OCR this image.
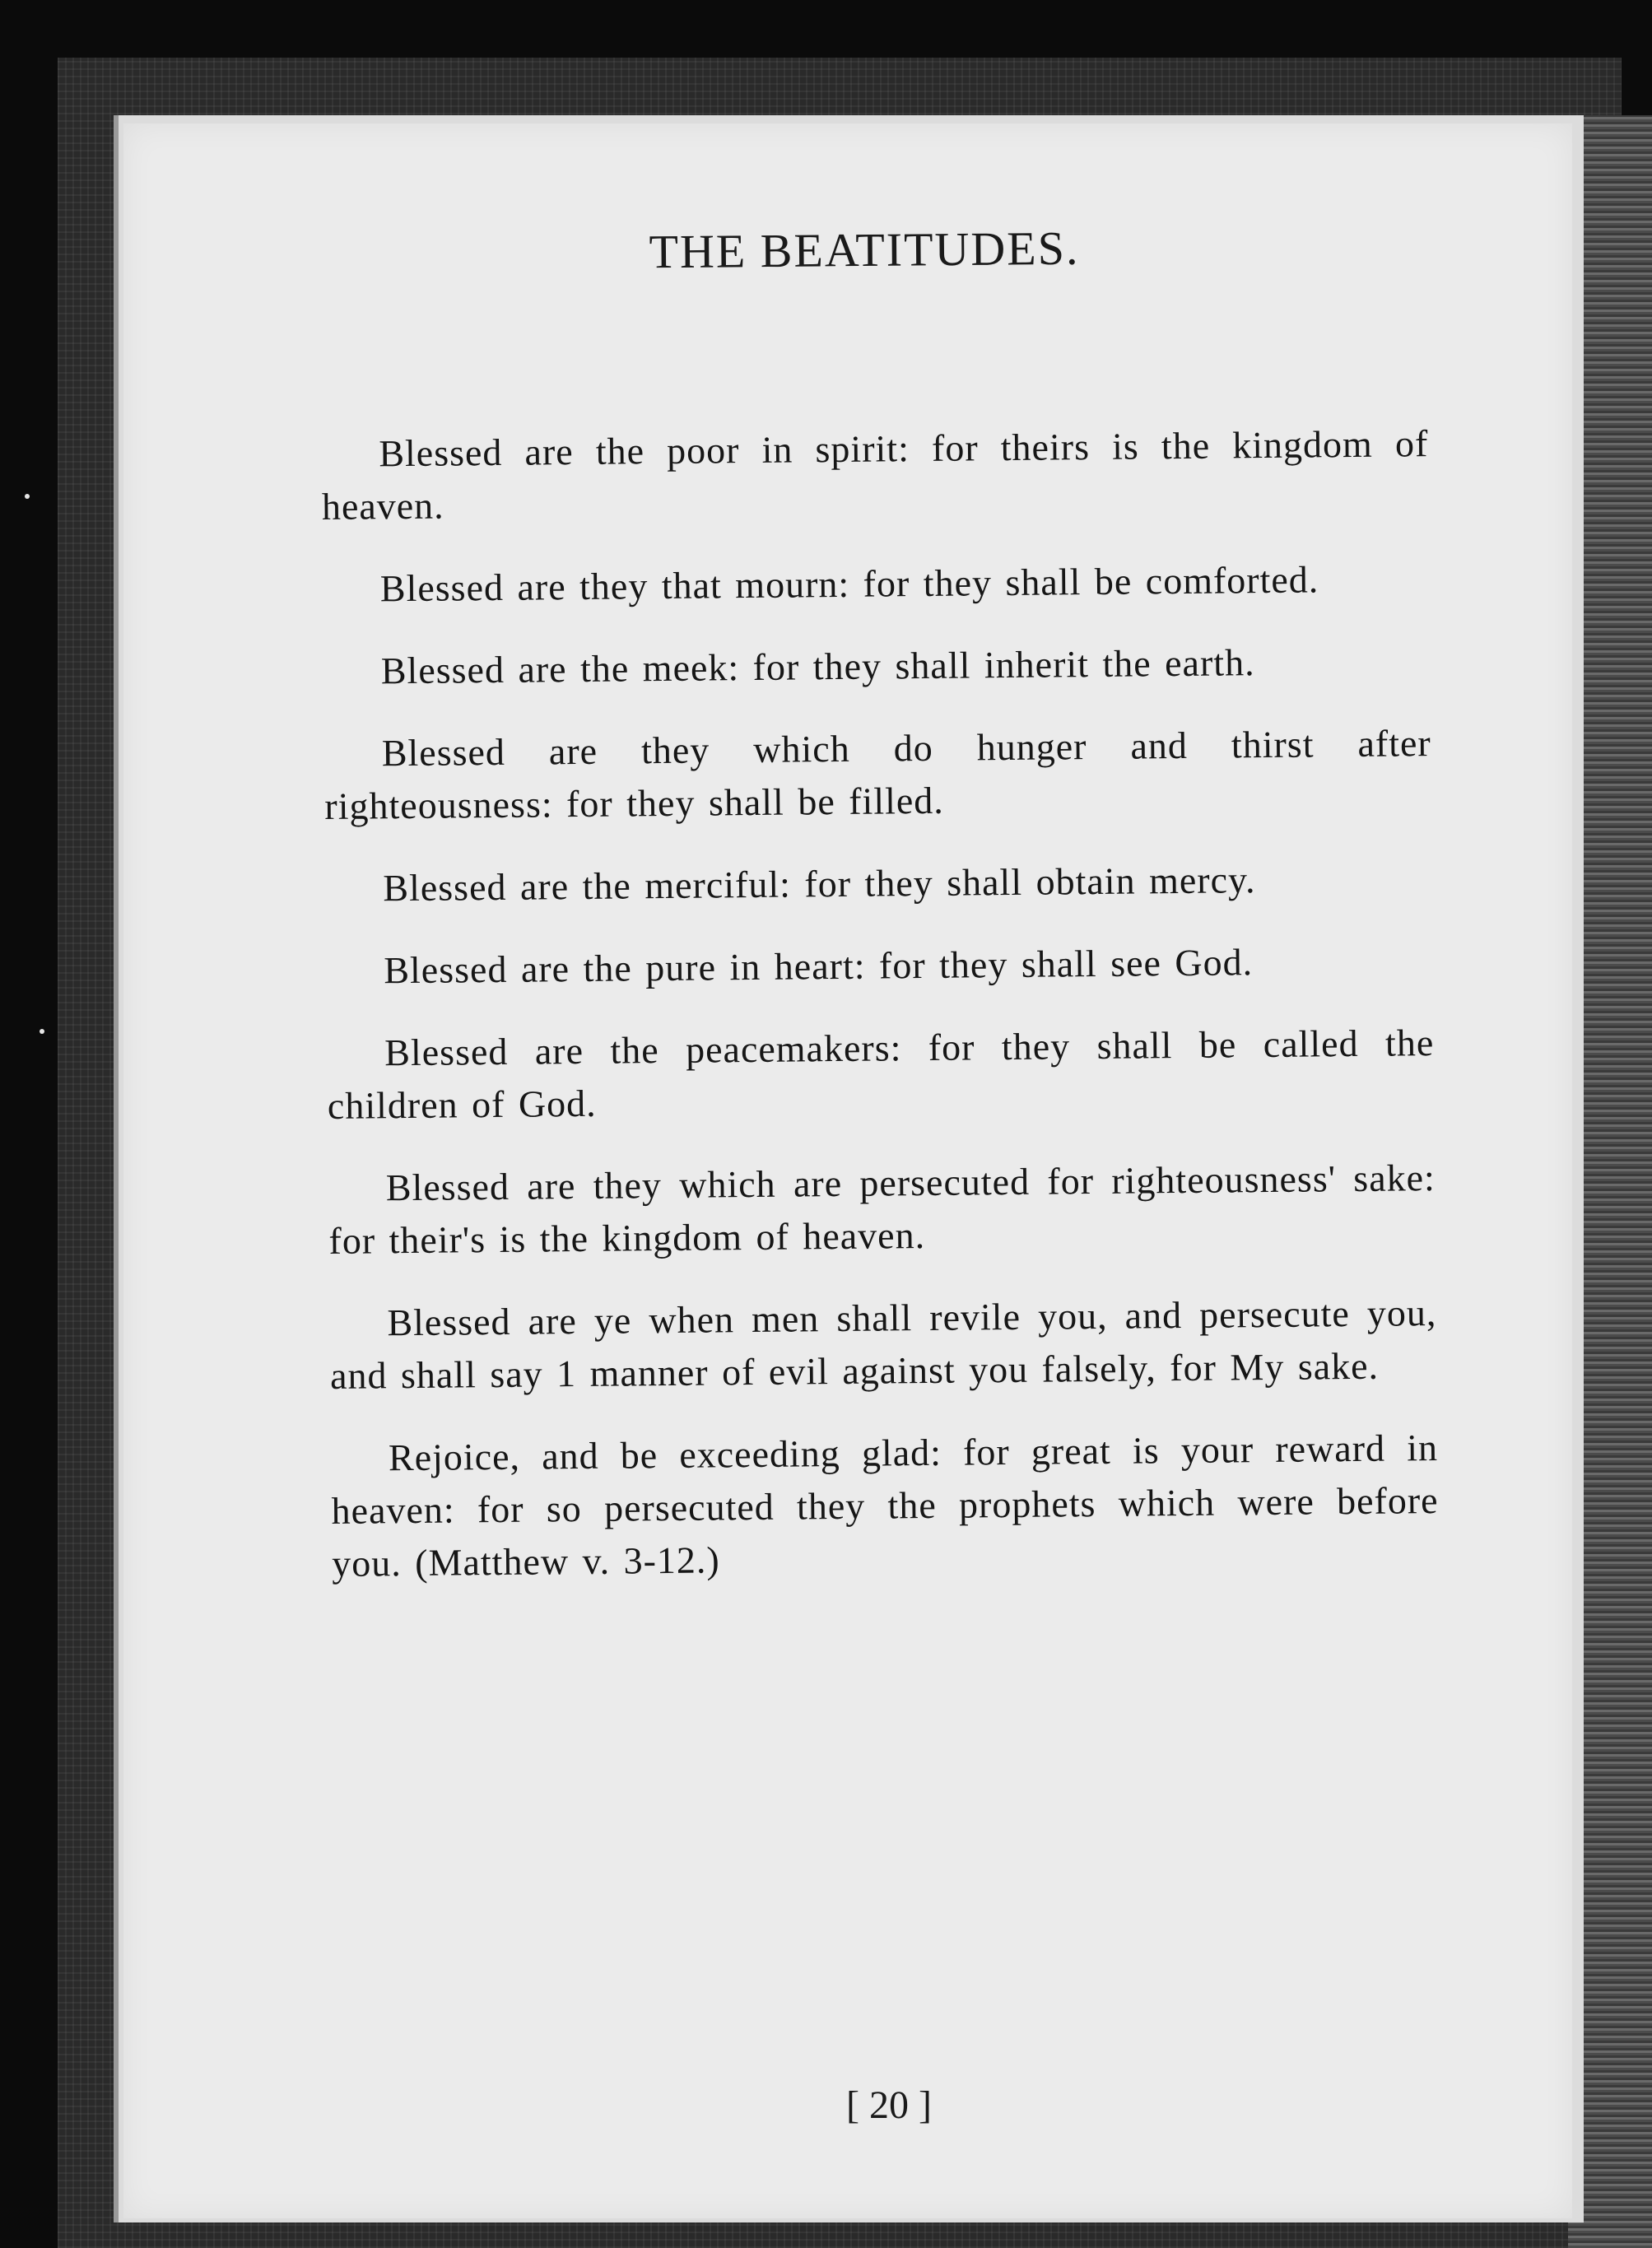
THE BEATITUDES.

Blessed are the poor in spirit: for theirs is the kingdom of heaven.

Blessed are they that mourn: for they shall be comforted.

Blessed are the meek: for they shall inherit the earth.

Blessed are they which do hunger and thirst after righteousness: for they shall be filled.

Blessed are the merciful: for they shall obtain mercy.

Blessed are the pure in heart: for they shall see God.

Blessed are the peacemakers: for they shall be called the children of God.

Blessed are they which are persecuted for righteousness' sake: for their's is the kingdom of heaven.

Blessed are ye when men shall revile you, and persecute you, and shall say 1 manner of evil against you falsely, for My sake.

Rejoice, and be exceeding glad: for great is your reward in heaven: for so persecuted they the prophets which were before you. (Matthew v. 3-12.)

[ 20 ]
